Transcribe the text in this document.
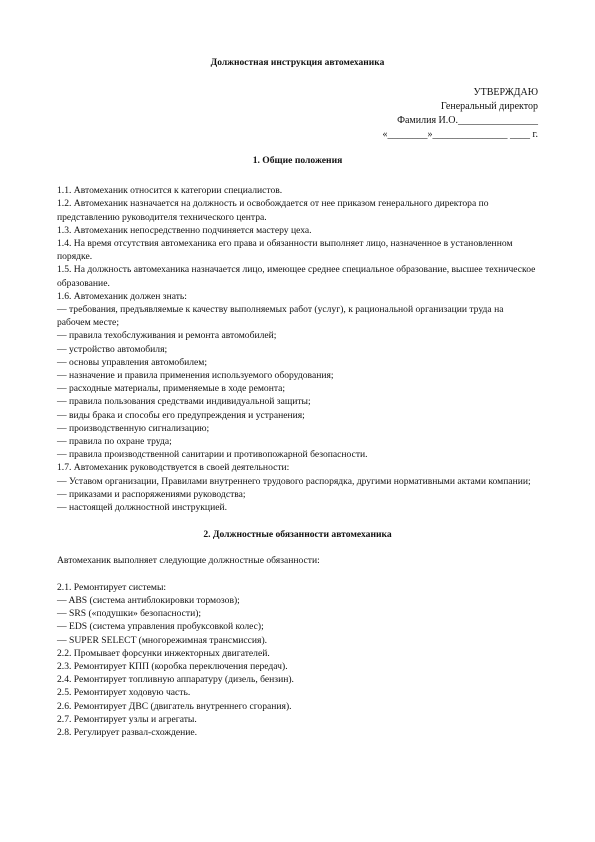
Должностная инструкция автомеханика
УТВЕРЖДАЮ
Генеральный директор
Фамилия И.О.________________
«________»_______________ ____ г.

1. Общие положения

1.1. Автомеханик относится к категории специалистов.

1.2. Автомеханик назначается на должность и освобождается от нее приказом генерального директора по представлению руководителя технического центра.

1.3. Автомеханик непосредственно подчиняется мастеру цеха.

1.4. На время отсутствия автомеханика его права и обязанности выполняет лицо, назначенное в установленном порядке.

1.5. На должность автомеханика назначается лицо, имеющее среднее специальное образование, высшее техническое образование.

1.6. Автомеханик должен знать:

— требования, предъявляемые к качеству выполняемых работ (услуг), к рациональной организации труда на рабочем месте;

— правила техобслуживания и ремонта автомобилей;

— устройство автомобиля;

— основы управления автомобилем;

— назначение и правила применения используемого оборудования;

— расходные материалы, применяемые в ходе ремонта;

— правила пользования средствами индивидуальной защиты;

— виды брака и способы его предупреждения и устранения;

— производственную сигнализацию;

— правила по охране труда;

— правила производственной санитарии и противопожарной безопасности.

1.7. Автомеханик руководствуется в своей деятельности:

— Уставом организации, Правилами внутреннего трудового распорядка, другими нормативными актами компании;

— приказами и распоряжениями руководства;

— настоящей должностной инструкцией.

2. Должностные обязанности автомеханика

Автомеханик выполняет следующие должностные обязанности:

2.1. Ремонтирует системы:

— ABS (система антиблокировки тормозов);

— SRS («подушки» безопасности);

— EDS (система управления пробуксовкой колес);

— SUPER SELECT (многорежимная трансмиссия).

2.2. Промывает форсунки инжекторных двигателей.

2.3. Ремонтирует КПП (коробка переключения передач).

2.4. Ремонтирует топливную аппаратуру (дизель, бензин).

2.5. Ремонтирует ходовую часть.

2.6. Ремонтирует ДВС (двигатель внутреннего сгорания).

2.7. Ремонтирует узлы и агрегаты.

2.8. Регулирует развал-схождение.
